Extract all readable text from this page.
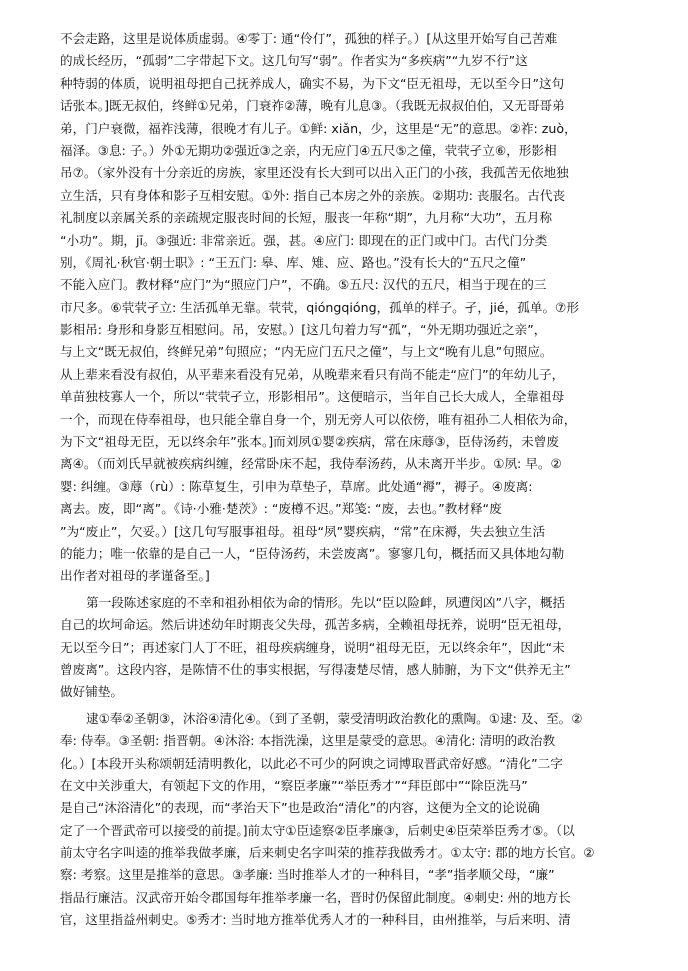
不会走路，这里是说体质虚弱。④零丁: 通“伶仃”，孤独的样子。）[从这里开始写自己苦难
的成长经历，“孤弱”二字带起下文。这几句写“弱”。作者实为“多疾病”“九岁不行”这
种特弱的体质，说明祖母把自己抚养成人，确实不易，为下文“臣无祖母，无以至今日”这句
话张本。]既无叔伯，终鲜①兄弟，门衰祚②薄，晚有儿息③。（我既无叔叔伯伯，又无哥哥弟
弟，门户衰微，福祚浅薄，很晚才有儿子。①鲜: xiǎn，少，这里是“无”的意思。②祚: zuò，
福泽。③息: 子。）外①无期功②强近③之亲，内无应门④五尺⑤之僮，茕茕孑立⑥，形影相
吊⑦。（家外没有十分亲近的房族，家里还没有长大到可以出入正门的小孩，我孤苦无依地独
立生活，只有身体和影子互相安慰。①外: 指自己本房之外的亲族。②期功: 丧服名。古代丧
礼制度以亲属关系的亲疏规定服丧时间的长短，服丧一年称“期”，九月称“大功”，五月称
“小功”。期，jī。③强近: 非常亲近。强，甚。④应门: 即现在的正门或中门。古代门分类
别，《周礼·秋官·朝士职》: “王五门: 皋、库、雉、应、路也。”没有长大的“五尺之僮”
不能入应门。教材释“应门”为“照应门户”，不确。⑤五尺: 汉代的五尺，相当于现在的三
市尺多。⑥茕茕孑立: 生活孤单无靠。茕茕，qióngqióng，孤单的样子。孑，jié，孤单。⑦形
影相吊: 身形和身影互相慰问。吊，安慰。）[这几句着力写“孤”，“外无期功强近之亲”，
与上文“既无叔伯，终鲜兄弟”句照应；“内无应门五尺之僮”，与上文“晚有儿息”句照应。
从上辈来看没有叔伯，从平辈来看没有兄弟，从晚辈来看只有尚不能走“应门”的年幼儿子，
单苗独枝寡人一个，所以“茕茕孑立，形影相吊”。这便暗示，当年自己长大成人，全靠祖母
一个，而现在侍奉祖母，也只能全靠自身一个，别无旁人可以依傍，唯有祖孙二人相依为命，
为下文“祖母无臣，无以终余年”张本。]而刘夙①婴②疾病，常在床蓐③，臣侍汤药，未曾废
离④。（而刘氏早就被疾病纠缠，经常卧床不起，我侍奉汤药，从未离开半步。①夙: 早。②
婴: 纠缠。③蓐（rù）: 陈草复生，引申为草垫子，草席。此处通“褥”，褥子。④废离:
离去。废，即“离”。《诗·小雅·楚茨》: “废樽不迟。”郑笺: “废，去也。”教材释“废
”为“废止”，欠妥。）[这几句写服事祖母。祖母“夙”婴疾病，“常”在床褥，失去独立生活
的能力；唯一依靠的是自己一人，“臣侍汤药，未尝废离”。寥寥几句，概括而又具体地勾勒
出作者对祖母的孝谨备至。]
第一段陈述家庭的不幸和祖孙相依为命的情形。先以“臣以险衅，夙遭闵凶”八字，概括
自己的坎坷命运。然后讲述幼年时期丧父失母，孤苦多病，全赖祖母抚养，说明“臣无祖母，
无以至今日”；再述家门人丁不旺，祖母疾病缠身，说明“祖母无臣，无以终余年”，因此“未
曾废离”。这段内容，是陈情不仕的事实根据，写得凄楚尽情，感人肺腑，为下文“供养无主”
做好铺垫。
逮①奉②圣朝③，沐浴④清化④。（到了圣朝，蒙受清明政治教化的熏陶。①逮: 及、至。②
奉: 侍奉。③圣朝: 指晋朝。④沐浴: 本指洗澡，这里是蒙受的意思。④清化: 清明的政治教
化。）[本段开头称颂朝廷清明教化，以此必不可少的阿谀之词博取晋武帝好感。“清化”二字
在文中关涉重大，有领起下文的作用，“察臣孝廉”“举臣秀才”“拜臣郎中”“除臣洗马”
是自己“沐浴清化”的表现，而“孝治天下”也是政治“清化”的内容，这便为全文的论说确
定了一个晋武帝可以接受的前提。]前太守①臣逵察②臣孝廉③，后刺史④臣荣举臣秀才⑤。（以
前太守名字叫逵的推举我做孝廉，后来刺史名字叫荣的推荐我做秀才。①太守: 郡的地方长官。②
察: 考察。这里是推举的意思。③孝廉: 当时推举人才的一种科目，“孝”指孝顺父母，“廉”
指品行廉洁。汉武帝开始令郡国每年推举孝廉一名，晋时仍保留此制度。④刺史: 州的地方长
官，这里指益州刺史。⑤秀才: 当时地方推举优秀人才的一种科目，由州推举，与后来明、清
